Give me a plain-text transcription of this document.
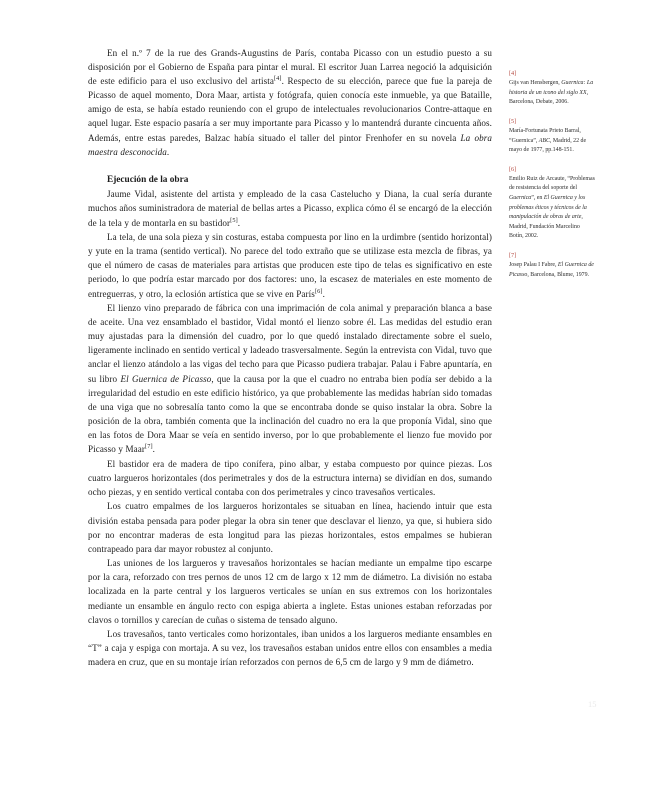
En el n.º 7 de la rue des Grands-Augustins de París, contaba Picasso con un estudio puesto a su disposición por el Gobierno de España para pintar el mural. El escritor Juan Larrea negoció la adquisición de este edificio para el uso exclusivo del artista[4]. Respecto de su elección, parece que fue la pareja de Picasso de aquel momento, Dora Maar, artista y fotógrafa, quien conocía este inmueble, ya que Bataille, amigo de esta, se había estado reuniendo con el grupo de intelectuales revolucionarios Contre-attaque en aquel lugar. Este espacio pasaría a ser muy importante para Picasso y lo mantendrá durante cincuenta años. Además, entre estas paredes, Balzac había situado el taller del pintor Frenhofer en su novela La obra maestra desconocida.

Ejecución de la obra

Jaume Vidal, asistente del artista y empleado de la casa Castelucho y Diana, la cual sería durante muchos años suministradora de material de bellas artes a Picasso, explica cómo él se encargó de la elección de la tela y de montarla en su bastidor[5].

La tela, de una sola pieza y sin costuras, estaba compuesta por lino en la urdimbre (sentido horizontal) y yute en la trama (sentido vertical). No parece del todo extraño que se utilizase esta mezcla de fibras, ya que el número de casas de materiales para artistas que producen este tipo de telas es significativo en este periodo, lo que podría estar marcado por dos factores: uno, la escasez de materiales en este momento de entreguerras, y otro, la eclosión artística que se vive en París[6].

El lienzo vino preparado de fábrica con una imprimación de cola animal y preparación blanca a base de aceite. Una vez ensamblado el bastidor, Vidal montó el lienzo sobre él. Las medidas del estudio eran muy ajustadas para la dimensión del cuadro, por lo que quedó instalado directamente sobre el suelo, ligeramente inclinado en sentido vertical y ladeado trasversalmente. Según la entrevista con Vidal, tuvo que anclar el lienzo atándolo a las vigas del techo para que Picasso pudiera trabajar. Palau i Fabre apuntaría, en su libro El Guernica de Picasso, que la causa por la que el cuadro no entraba bien podía ser debido a la irregularidad del estudio en este edificio histórico, ya que probablemente las medidas habrían sido tomadas de una viga que no sobresalía tanto como la que se encontraba donde se quiso instalar la obra. Sobre la posición de la obra, también comenta que la inclinación del cuadro no era la que proponía Vidal, sino que en las fotos de Dora Maar se veía en sentido inverso, por lo que probablemente el lienzo fue movido por Picasso y Maar[7].

El bastidor era de madera de tipo conífera, pino albar, y estaba compuesto por quince piezas. Los cuatro largueros horizontales (dos perimetrales y dos de la estructura interna) se dividían en dos, sumando ocho piezas, y en sentido vertical contaba con dos perimetrales y cinco travesaños verticales.

Los cuatro empalmes de los largueros horizontales se situaban en línea, haciendo intuir que esta división estaba pensada para poder plegar la obra sin tener que desclavar el lienzo, ya que, si hubiera sido por no encontrar maderas de esta longitud para las piezas horizontales, estos empalmes se hubieran contrapeado para dar mayor robustez al conjunto.

Las uniones de los largueros y travesaños horizontales se hacían mediante un empalme tipo escarpe por la cara, reforzado con tres pernos de unos 12 cm de largo x 12 mm de diámetro. La división no estaba localizada en la parte central y los largueros verticales se unían en sus extremos con los horizontales mediante un ensamble en ángulo recto con espiga abierta a inglete. Estas uniones estaban reforzadas por clavos o tornillos y carecían de cuñas o sistema de tensado alguno.

Los travesaños, tanto verticales como horizontales, iban unidos a los largueros mediante ensambles en “T” a caja y espiga con mortaja. A su vez, los travesaños estaban unidos entre ellos con ensambles a media madera en cruz, que en su montaje irían reforzados con pernos de 6,5 cm de largo y 9 mm de diámetro.

[4]
Gijs van Hensbergen, Guernica: La historia de un icono del siglo XX, Barcelona, Debate, 2006.
[5]
María-Fortunata Prieto Barral, “Guernica”, ABC, Madrid, 22 de mayo de 1977, pp.148-151.
[6]
Emilio Ruiz de Arcaute, “Problemas de resistencia del soporte del Guernica”, en El Guernica y los problemas éticos y técnicos de la manipulación de obras de arte, Madrid, Fundación Marcelino Botín, 2002.
[7]
Josep Palau I Fabre, El Guernica de Picasso, Barcelona, Blume, 1979.
15
